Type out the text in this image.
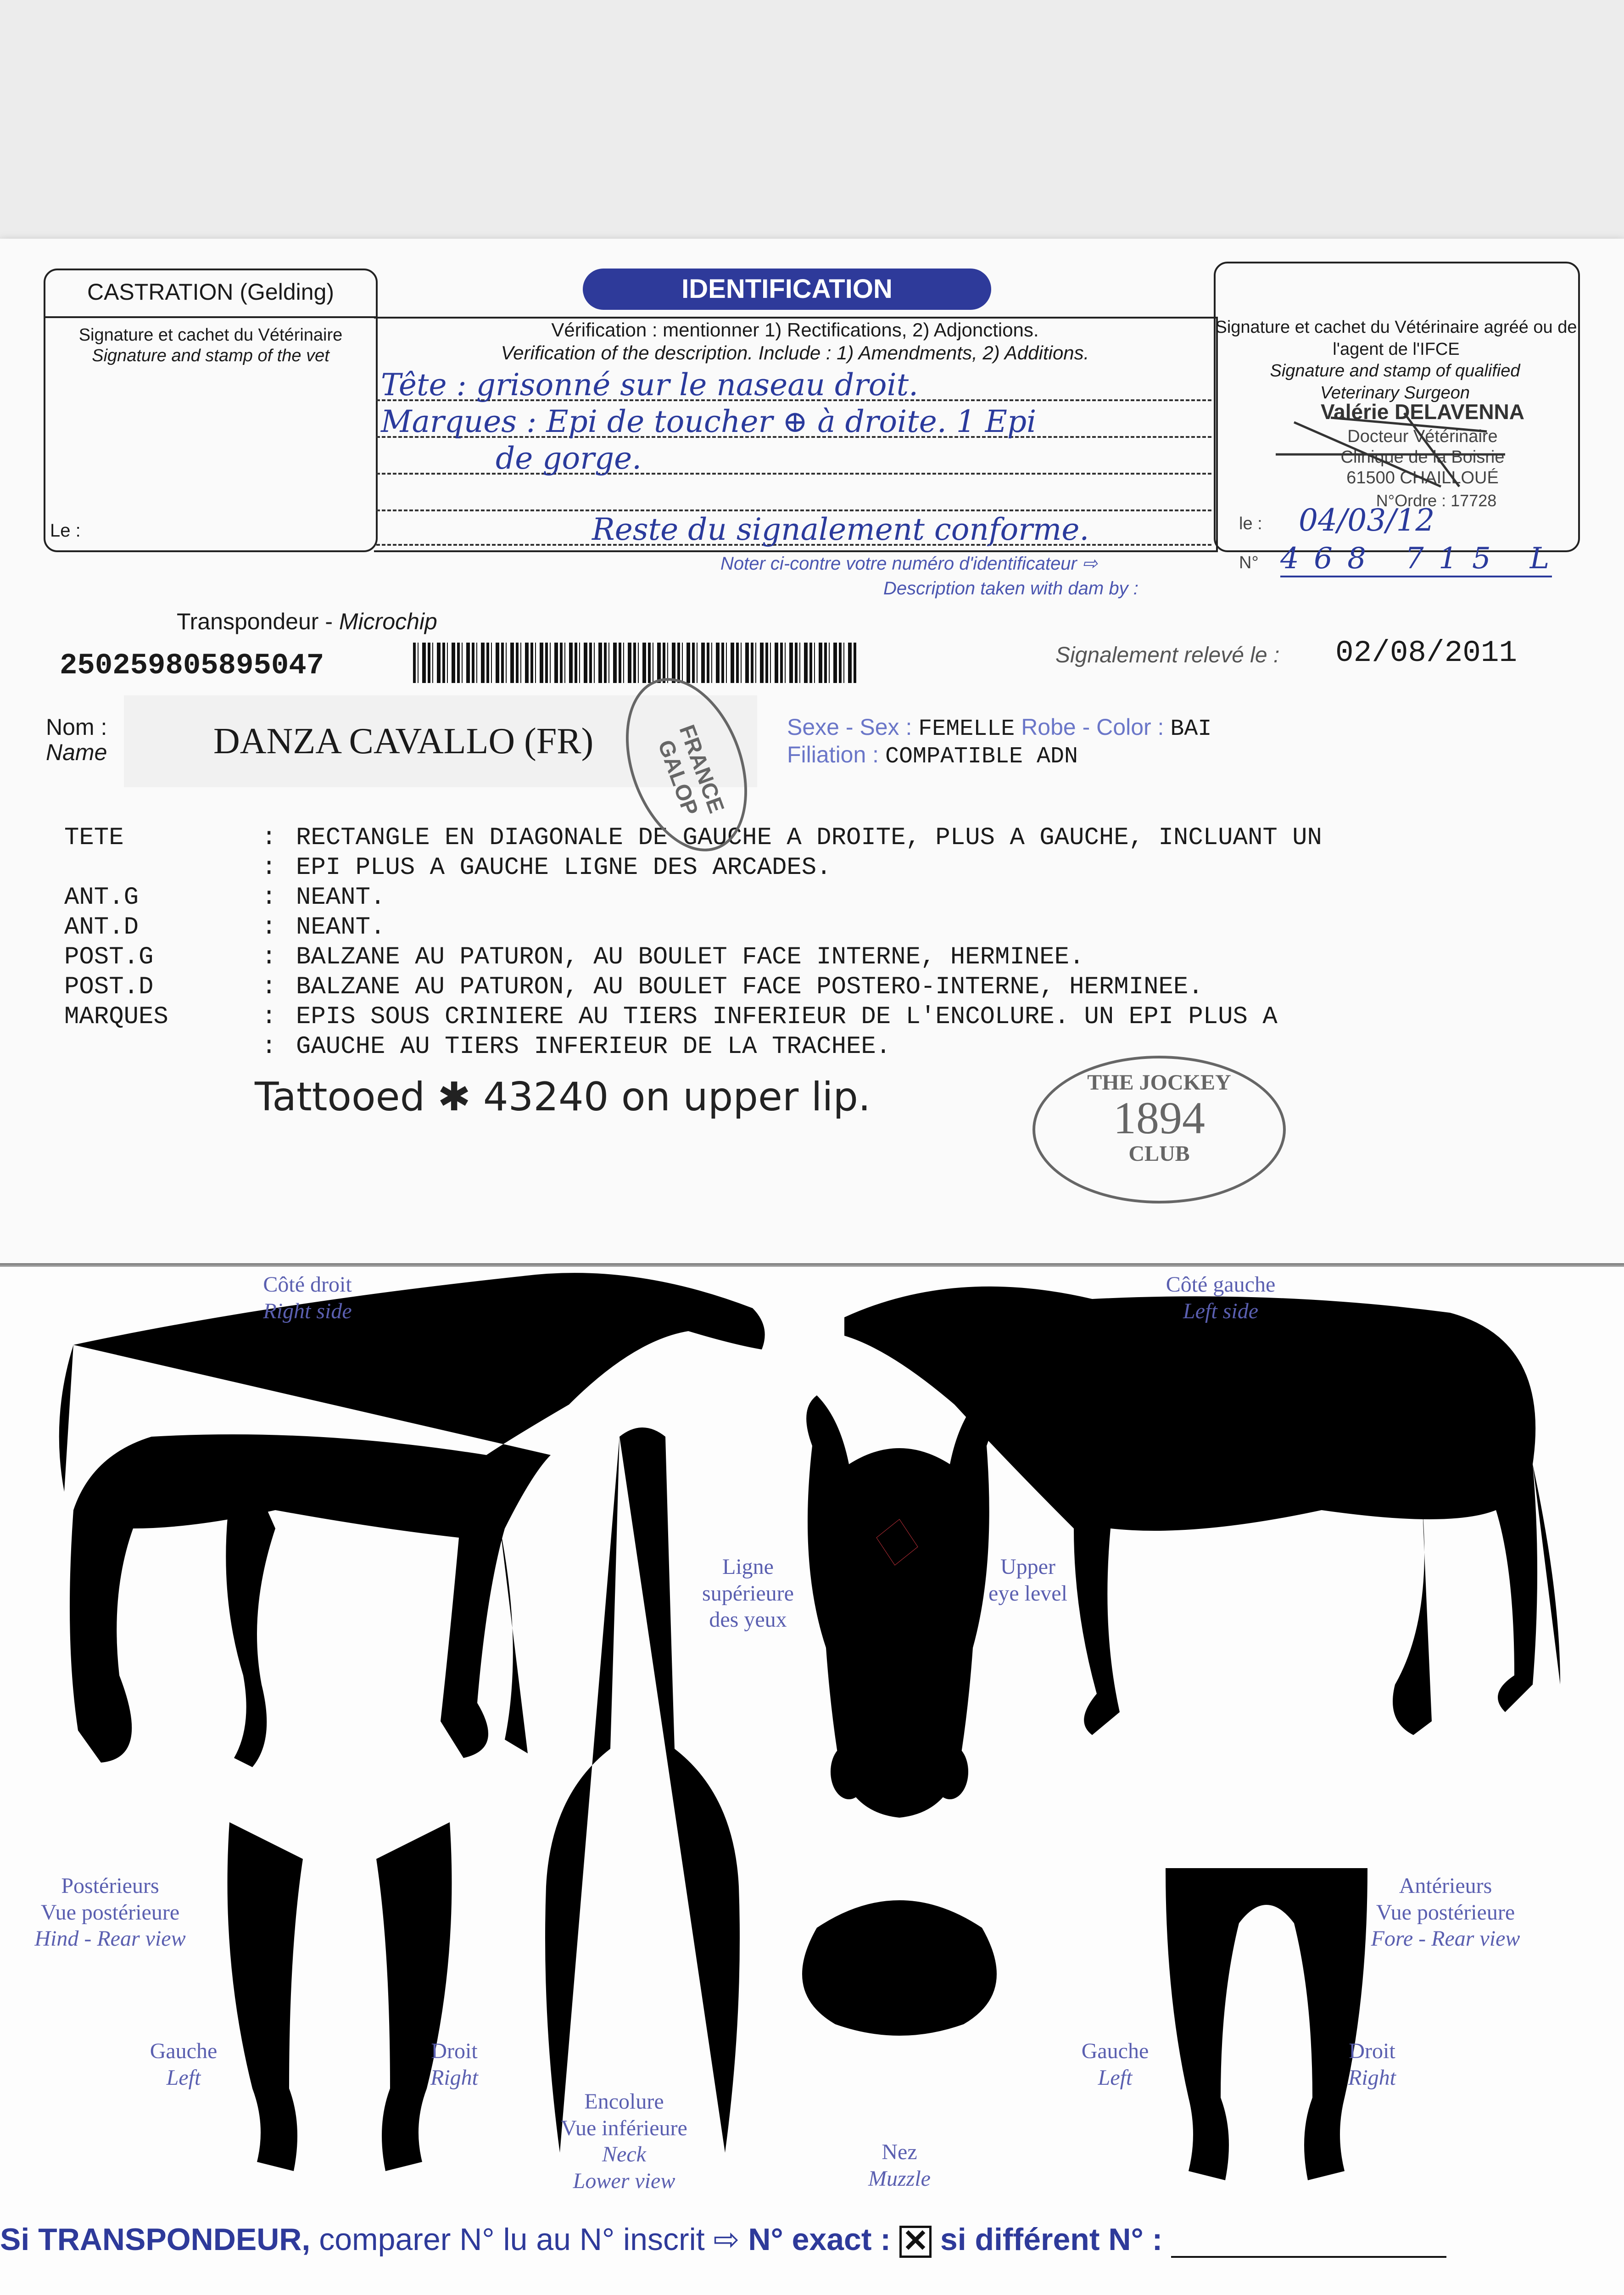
CASTRATION (Gelding)
Signature et cachet du Vétérinaire
Signature and stamp of the vet
Le :
IDENTIFICATION
Vérification : mentionner 1) Rectifications, 2) Adjonctions.
Verification of the description. Include : 1) Amendments, 2) Additions.
Tête : grisonné sur le naseau droit.
Marques : Epi de toucher ⊕ à droite. 1 Epi
de gorge.
Reste du signalement conforme.
Noter ci-contre votre numéro d'identificateur ⇨
Description taken with dam by :
Signature et cachet du Vétérinaire agréé ou de l'agent de l'IFCE
Signature and stamp of qualified Veterinary Surgeon
Valérie DELAVENNA
Docteur Vétérinaire
Clinique de la Boisrie
61500 CHAILLOUÉ
N°Ordre : 17728
le : 04/03/12
N° 4 6 8   7 1 5   L
Transpondeur - Microchip
250259805895047	Signalement relevé le : 02/08/2011
Nom :
Name	DANZA CAVALLO (FR)	Sexe - Sex : FEMELLE Robe - Color : BAI
Filiation : COMPATIBLE ADN
TETE	: RECTANGLE EN DIAGONALE DE GAUCHE A DROITE, PLUS A GAUCHE, INCLUANT UN
: EPI PLUS A GAUCHE LIGNE DES ARCADES.
ANT.G	: NEANT.
ANT.D	: NEANT.
POST.G	: BALZANE AU PATURON, AU BOULET FACE INTERNE, HERMINEE.
POST.D	: BALZANE AU PATURON, AU BOULET FACE POSTERO-INTERNE, HERMINEE.
MARQUES	: EPIS SOUS CRINIERE AU TIERS INFERIEUR DE L'ENCOLURE. UN EPI PLUS A
: GAUCHE AU TIERS INFERIEUR DE LA TRACHEE.
Tattooed ✱ 43240 on upper lip.
FRANCE GALOP
THE JOCKEY
1894
CLUB
Côté droit
Right side
Côté gauche
Left side
Ligne supérieure des yeux
Upper eye level
Postérieurs
Vue postérieure
Hind - Rear view
Antérieurs
Vue postérieure
Fore - Rear view
Gauche
Left
Droit
Right
Gauche
Left
Droit
Right
Encolure
Vue inférieure
Neck
Lower view
Nez
Muzzle
Si TRANSPONDEUR, comparer N° lu au N° inscrit ⇨ N° exact : ✕ si différent N° :
